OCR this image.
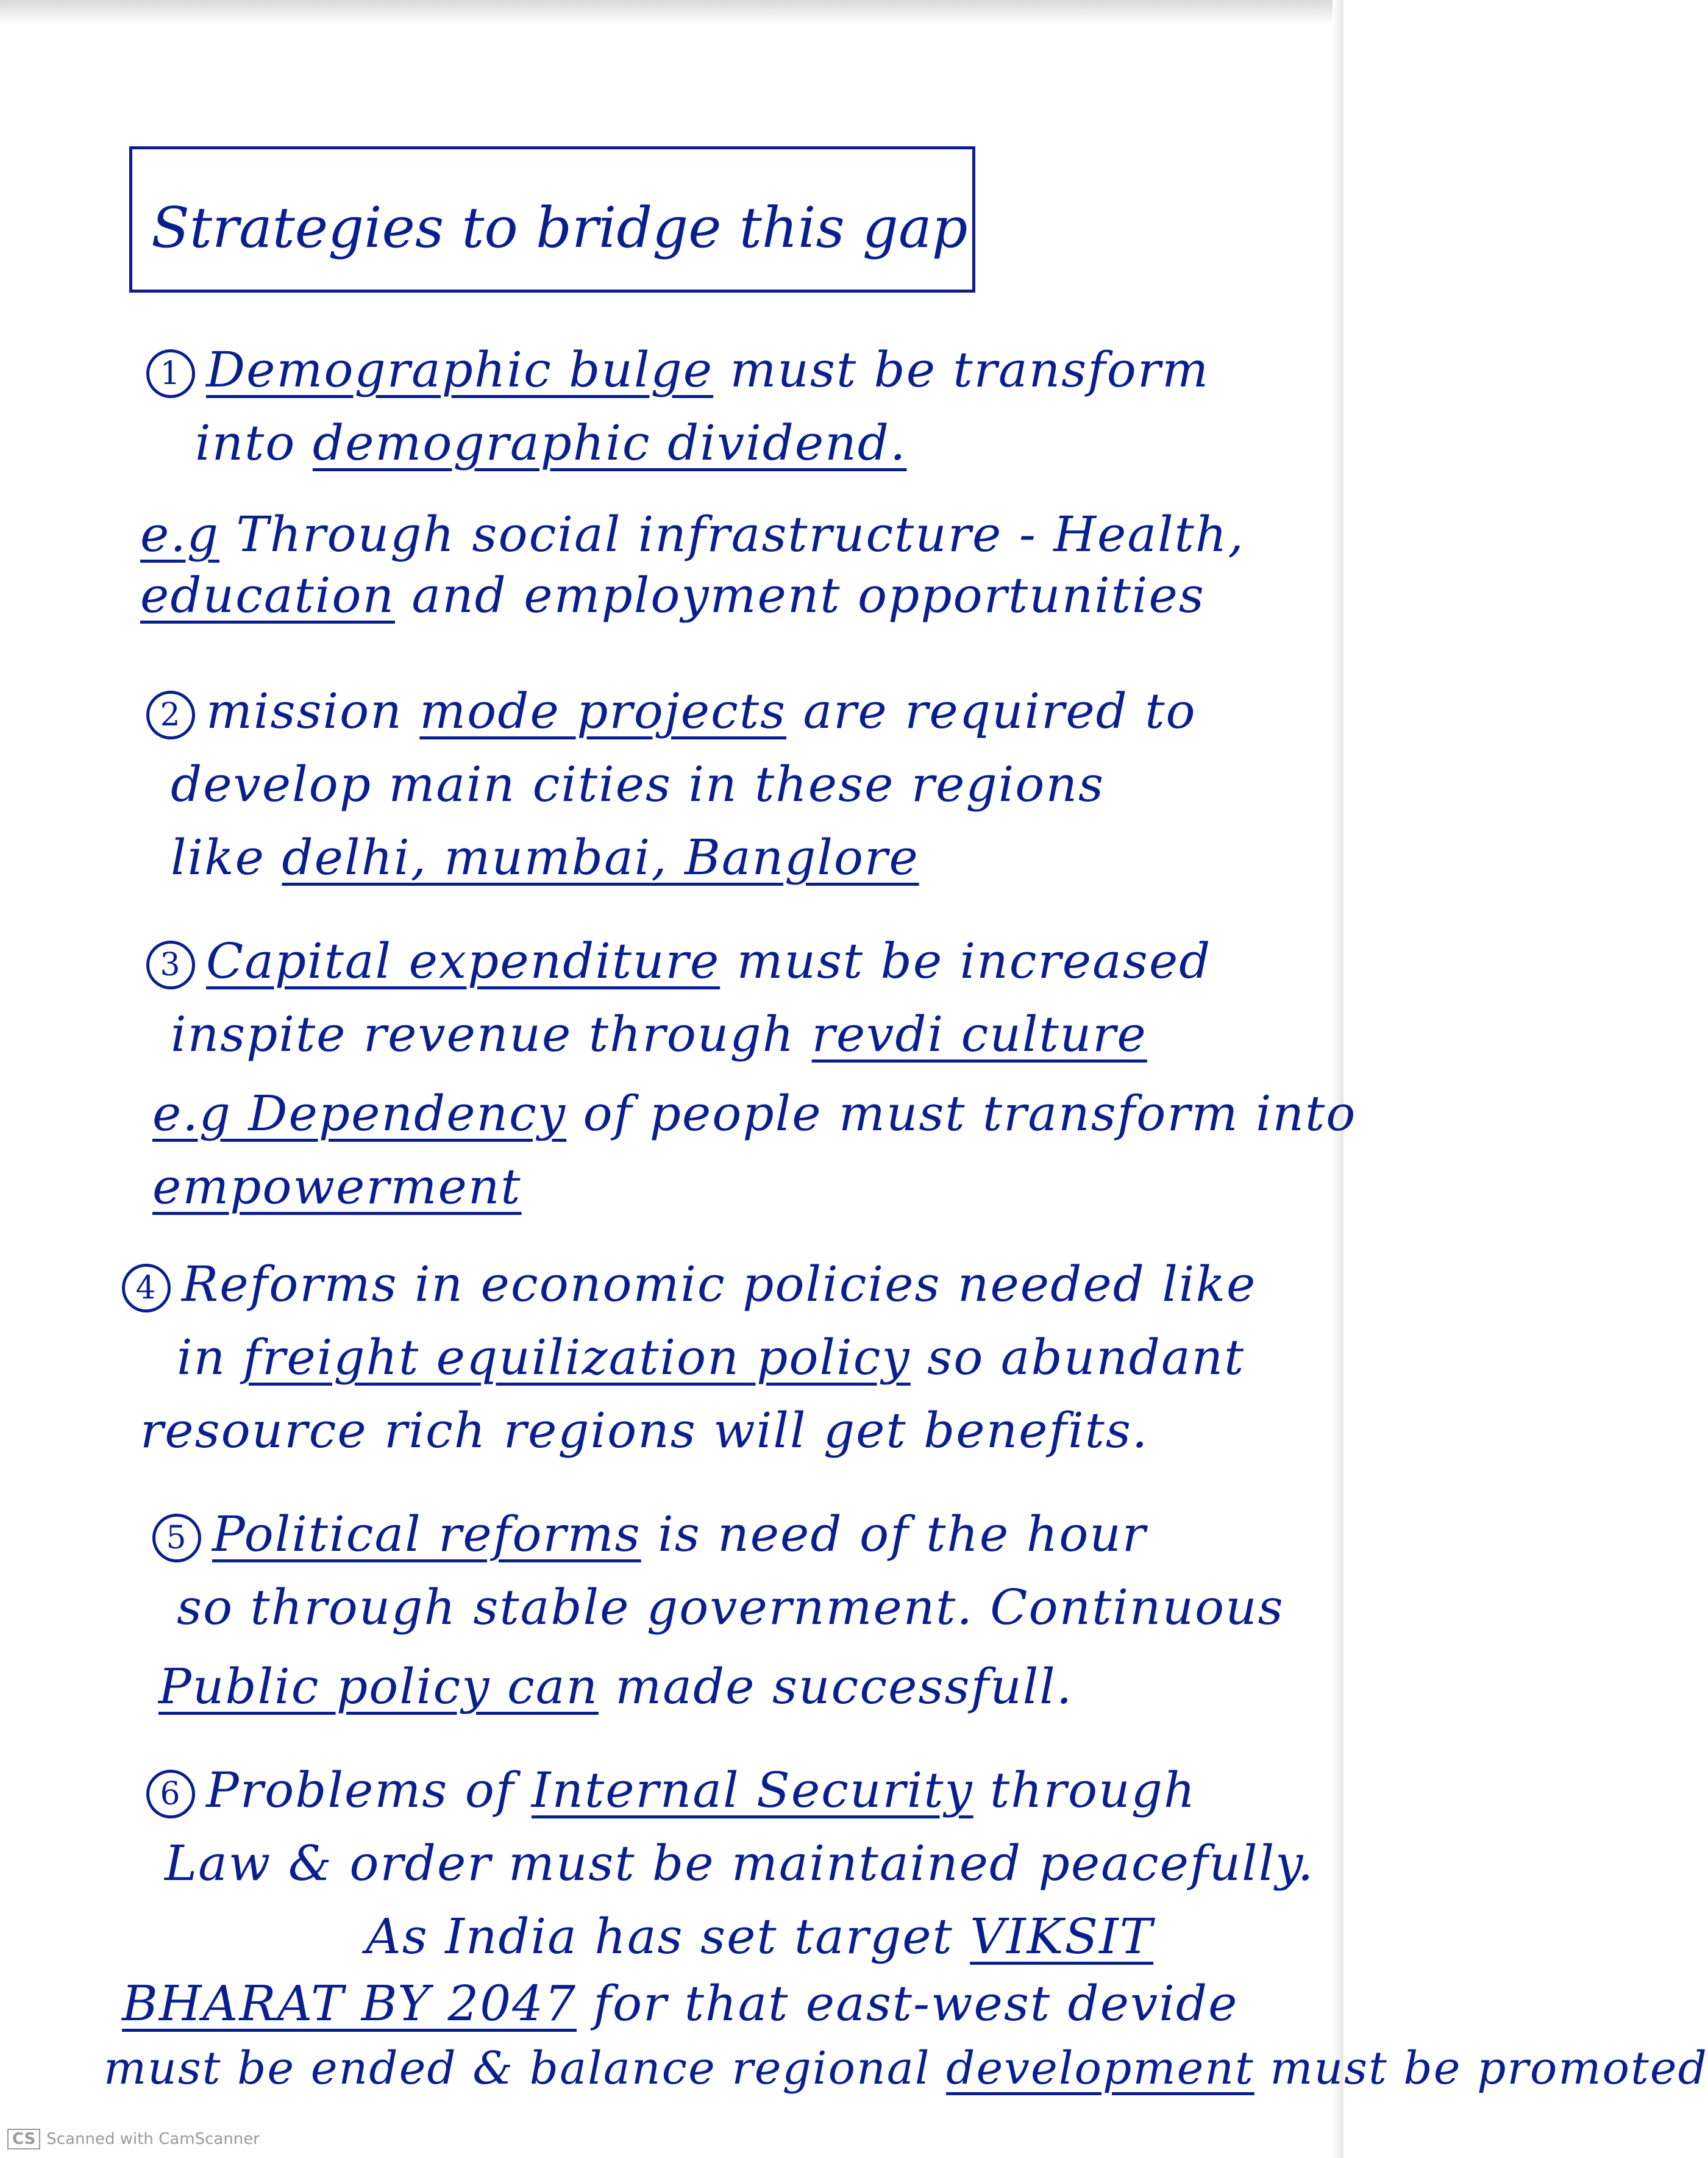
Strategies to bridge this gap
1 Demographic bulge must be transform
into demographic dividend.
e.g Through social infrastructure - Health,
education and employment opportunities
2 mission mode projects are required to
develop main cities in these regions
like delhi, mumbai, Banglore
3 Capital expenditure must be increased
inspite revenue through revdi culture
e.g Dependency of people must transform into
empowerment
4 Reforms in economic policies needed like
in freight equilization policy so abundant
resource rich regions will get benefits.
5 Political reforms is need of the hour
so through stable government. Continuous
Public policy can made successfull.
6 Problems of Internal Security through
Law & order must be maintained peacefully.
As India has set target VIKSIT
BHARAT BY 2047 for that east-west devide
must be ended & balance regional development must be promoted
CS Scanned with CamScanner
